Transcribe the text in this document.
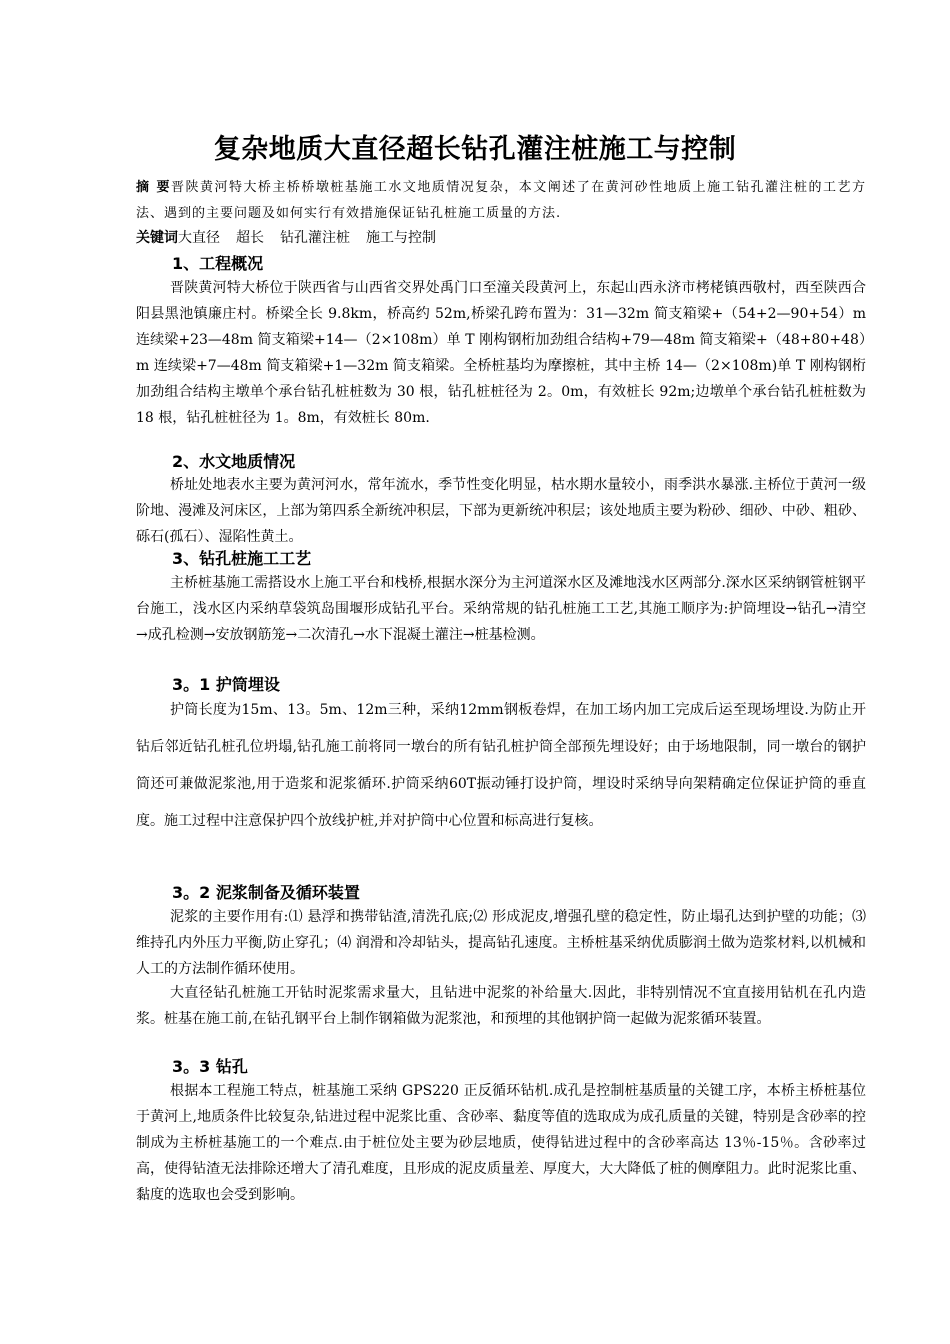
复杂地质大直径超长钻孔灌注桩施工与控制
摘 要晋陕黄河特大桥主桥桥墩桩基施工水文地质情况复杂，本文阐述了在黄河砂性地质上施工钻孔灌注桩的工艺方法、遇到的主要问题及如何实行有效措施保证钻孔桩施工质量的方法.
关键词大直径 超长 钻孔灌注桩 施工与控制
1、工程概况
晋陕黄河特大桥位于陕西省与山西省交界处禹门口至潼关段黄河上，东起山西永济市栲栳镇西敬村，西至陕西合阳县黑池镇廉庄村。桥梁全长 9.8km，桥高约 52m,桥梁孔跨布置为：31—32m 简支箱梁+（54+2—90+54）m 连续梁+23—48m 简支箱梁+14—（2×108m）单 T 刚构钢桁加劲组合结构+79—48m 简支箱梁+（48+80+48）m 连续梁+7—48m 简支箱梁+1—32m 简支箱梁。全桥桩基均为摩擦桩，其中主桥 14—（2×108m)单 T 刚构钢桁加劲组合结构主墩单个承台钻孔桩桩数为 30 根，钻孔桩桩径为 2。0m，有效桩长 92m;边墩单个承台钻孔桩桩数为 18 根，钻孔桩桩径为 1。8m，有效桩长 80m.
2、水文地质情况
桥址处地表水主要为黄河河水，常年流水，季节性变化明显，枯水期水量较小，雨季洪水暴涨.主桥位于黄河一级阶地、漫滩及河床区，上部为第四系全新统冲积层，下部为更新统冲积层；该处地质主要为粉砂、细砂、中砂、粗砂、砾石(孤石）、湿陷性黄土。
3、钻孔桩施工工艺
主桥桩基施工需搭设水上施工平台和栈桥,根据水深分为主河道深水区及滩地浅水区两部分.深水区采纳钢管桩钢平台施工，浅水区内采纳草袋筑岛围堰形成钻孔平台。采纳常规的钻孔桩施工工艺,其施工顺序为:护筒埋设→钻孔→清空→成孔检测→安放钢筋笼→二次清孔→水下混凝土灌注→桩基检测。
3。1 护筒埋设
护筒长度为15m、13。5m、12m三种，采纳12mm钢板卷焊，在加工场内加工完成后运至现场埋设.为防止开钻后邻近钻孔桩孔位坍塌,钻孔施工前将同一墩台的所有钻孔桩护筒全部预先埋设好；由于场地限制，同一墩台的钢护筒还可兼做泥浆池,用于造浆和泥浆循环.护筒采纳60T振动锤打设护筒，埋设时采纳导向架精确定位保证护筒的垂直度。施工过程中注意保护四个放线护桩,并对护筒中心位置和标高进行复核。
3。2 泥浆制备及循环装置
泥浆的主要作用有:⑴ 悬浮和携带钻渣,清洗孔底;⑵ 形成泥皮,增强孔壁的稳定性，防止塌孔达到护壁的功能；⑶ 维持孔内外压力平衡,防止穿孔；⑷ 润滑和冷却钻头，提高钻孔速度。主桥桩基采纳优质膨润土做为造浆材料,以机械和人工的方法制作循环使用。
大直径钻孔桩施工开钻时泥浆需求量大，且钻进中泥浆的补给量大.因此，非特别情况不宜直接用钻机在孔内造浆。桩基在施工前,在钻孔钢平台上制作钢箱做为泥浆池，和预埋的其他钢护筒一起做为泥浆循环装置。
3。3 钻孔
根据本工程施工特点，桩基施工采纳 GPS220 正反循环钻机.成孔是控制桩基质量的关键工序，本桥主桥桩基位于黄河上,地质条件比较复杂,钻进过程中泥浆比重、含砂率、黏度等值的选取成为成孔质量的关键，特别是含砂率的控制成为主桥桩基施工的一个难点.由于桩位处主要为砂层地质，使得钻进过程中的含砂率高达 13％-15％。含砂率过高，使得钻渣无法排除还增大了清孔难度，且形成的泥皮质量差、厚度大，大大降低了桩的侧摩阻力。此时泥浆比重、黏度的选取也会受到影响。
